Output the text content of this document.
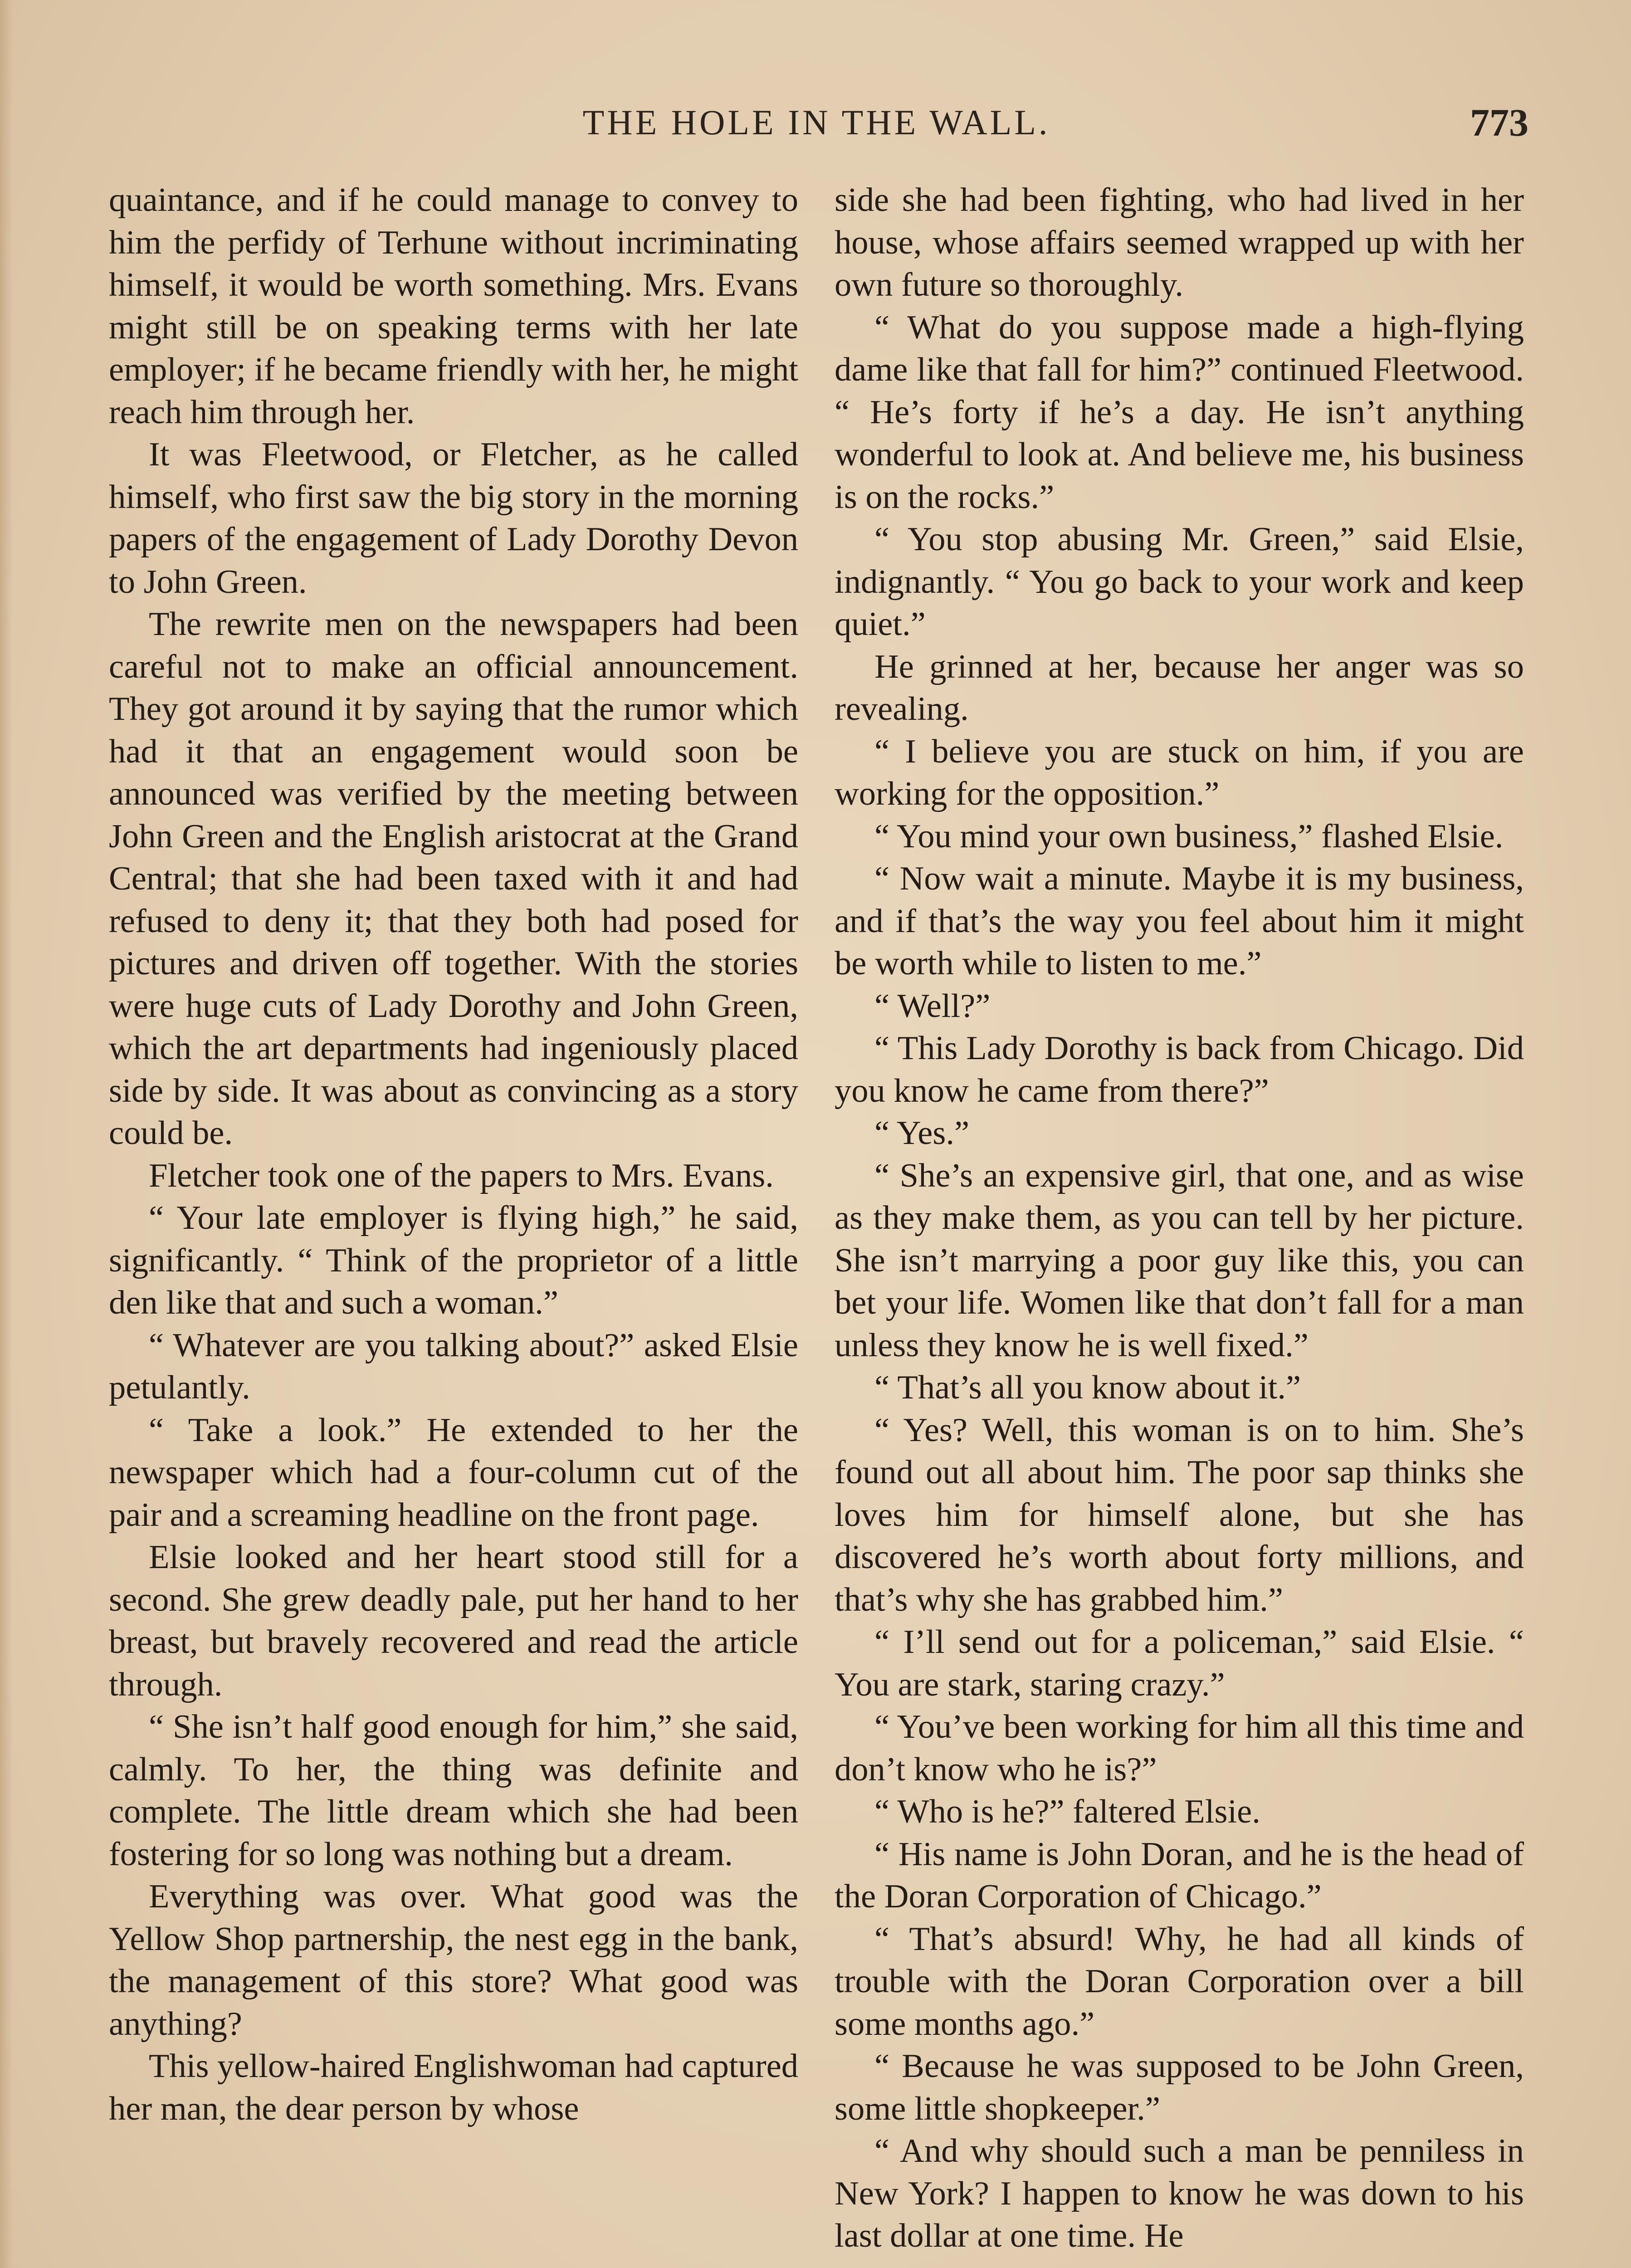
THE HOLE IN THE WALL.	773

quaintance, and if he could manage to convey to him the perfidy of Terhune without incriminating himself, it would be worth something. Mrs. Evans might still be on speaking terms with her late employer; if he became friendly with her, he might reach him through her.

It was Fleetwood, or Fletcher, as he called himself, who first saw the big story in the morning papers of the engagement of Lady Dorothy Devon to John Green.

The rewrite men on the newspapers had been careful not to make an official announcement. They got around it by saying that the rumor which had it that an engagement would soon be announced was verified by the meeting between John Green and the English aristocrat at the Grand Central; that she had been taxed with it and had refused to deny it; that they both had posed for pictures and driven off together. With the stories were huge cuts of Lady Dorothy and John Green, which the art departments had ingeniously placed side by side. It was about as convincing as a story could be.

Fletcher took one of the papers to Mrs. Evans.

“ Your late employer is flying high,” he said, significantly. “ Think of the proprietor of a little den like that and such a woman.”

“ Whatever are you talking about?” asked Elsie petulantly.

“ Take a look.” He extended to her the newspaper which had a four-column cut of the pair and a screaming headline on the front page.

Elsie looked and her heart stood still for a second. She grew deadly pale, put her hand to her breast, but bravely recovered and read the article through.

“ She isn’t half good enough for him,” she said, calmly. To her, the thing was definite and complete. The little dream which she had been fostering for so long was nothing but a dream.

Everything was over. What good was the Yellow Shop partnership, the nest egg in the bank, the management of this store? What good was anything?

This yellow-haired Englishwoman had captured her man, the dear person by whose

side she had been fighting, who had lived in her house, whose affairs seemed wrapped up with her own future so thoroughly.

“ What do you suppose made a high-flying dame like that fall for him?” continued Fleetwood. “ He’s forty if he’s a day. He isn’t anything wonderful to look at. And believe me, his business is on the rocks.”

“ You stop abusing Mr. Green,” said Elsie, indignantly. “ You go back to your work and keep quiet.”

He grinned at her, because her anger was so revealing.

“ I believe you are stuck on him, if you are working for the opposition.”

“ You mind your own business,” flashed Elsie.

“ Now wait a minute. Maybe it is my business, and if that’s the way you feel about him it might be worth while to listen to me.”

“ Well?”

“ This Lady Dorothy is back from Chicago. Did you know he came from there?”

“ Yes.”

“ She’s an expensive girl, that one, and as wise as they make them, as you can tell by her picture. She isn’t marrying a poor guy like this, you can bet your life. Women like that don’t fall for a man unless they know he is well fixed.”

“ That’s all you know about it.”

“ Yes? Well, this woman is on to him. She’s found out all about him. The poor sap thinks she loves him for himself alone, but she has discovered he’s worth about forty millions, and that’s why she has grabbed him.”

“ I’ll send out for a policeman,” said Elsie. “ You are stark, staring crazy.”

“ You’ve been working for him all this time and don’t know who he is?”

“ Who is he?” faltered Elsie.

“ His name is John Doran, and he is the head of the Doran Corporation of Chicago.”

“ That’s absurd! Why, he had all kinds of trouble with the Doran Corporation over a bill some months ago.”

“ Because he was supposed to be John Green, some little shopkeeper.”

“ And why should such a man be penniless in New York? I happen to know he was down to his last dollar at one time. He
